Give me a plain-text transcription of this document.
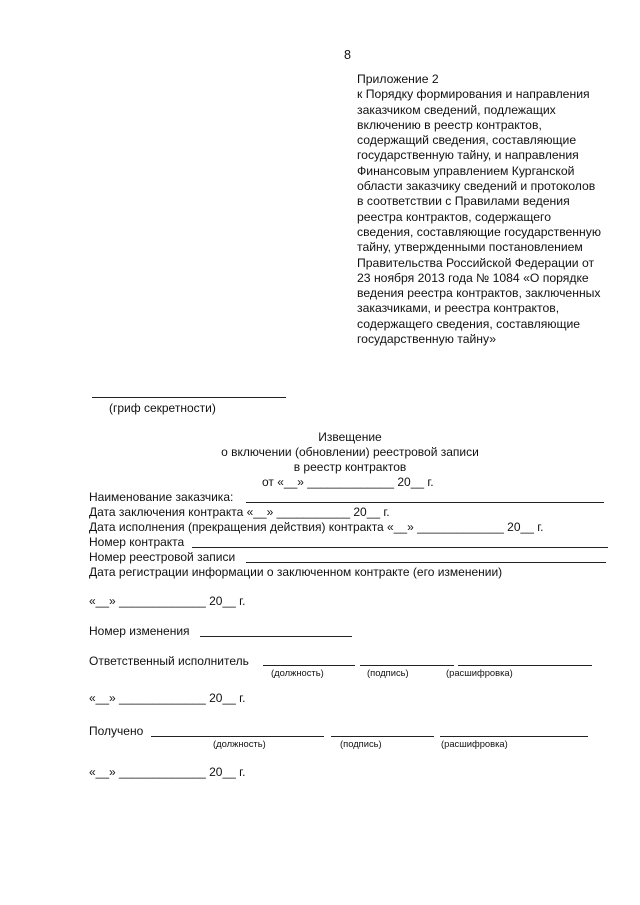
8
Приложение 2
к Порядку формирования и направления
заказчиком сведений, подлежащих
включению в реестр контрактов,
содержащий сведения, составляющие
государственную тайну, и направления
Финансовым управлением Курганской
области заказчику сведений и протоколов
в соответствии с Правилами ведения
реестра контрактов, содержащего
сведения, составляющие государственную
тайну, утвержденными постановлением
Правительства Российской Федерации от
23 ноября 2013 года № 1084 «О порядке
ведения реестра контрактов, заключенных
заказчиками, и реестра контрактов,
содержащего сведения, составляющие
государственную тайну»
(гриф секретности)
Извещение
о включении (обновлении) реестровой записи
в реестр контрактов
от «__» _____________ 20__ г.
Наименование заказчика:
Дата заключения контракта «__» ___________ 20__ г.
Дата исполнения (прекращения действия) контракта «__» _____________ 20__ г.
Номер контракта
Номер реестровой записи
Дата регистрации информации о заключенном контракте (его изменении)
«__» _____________ 20__ г.
Номер изменения
Ответственный исполнитель
(должность)	(подпись)	(расшифровка)
«__» _____________ 20__ г.
Получено
(должность)	(подпись)	(расшифровка)
«__» _____________ 20__ г.
